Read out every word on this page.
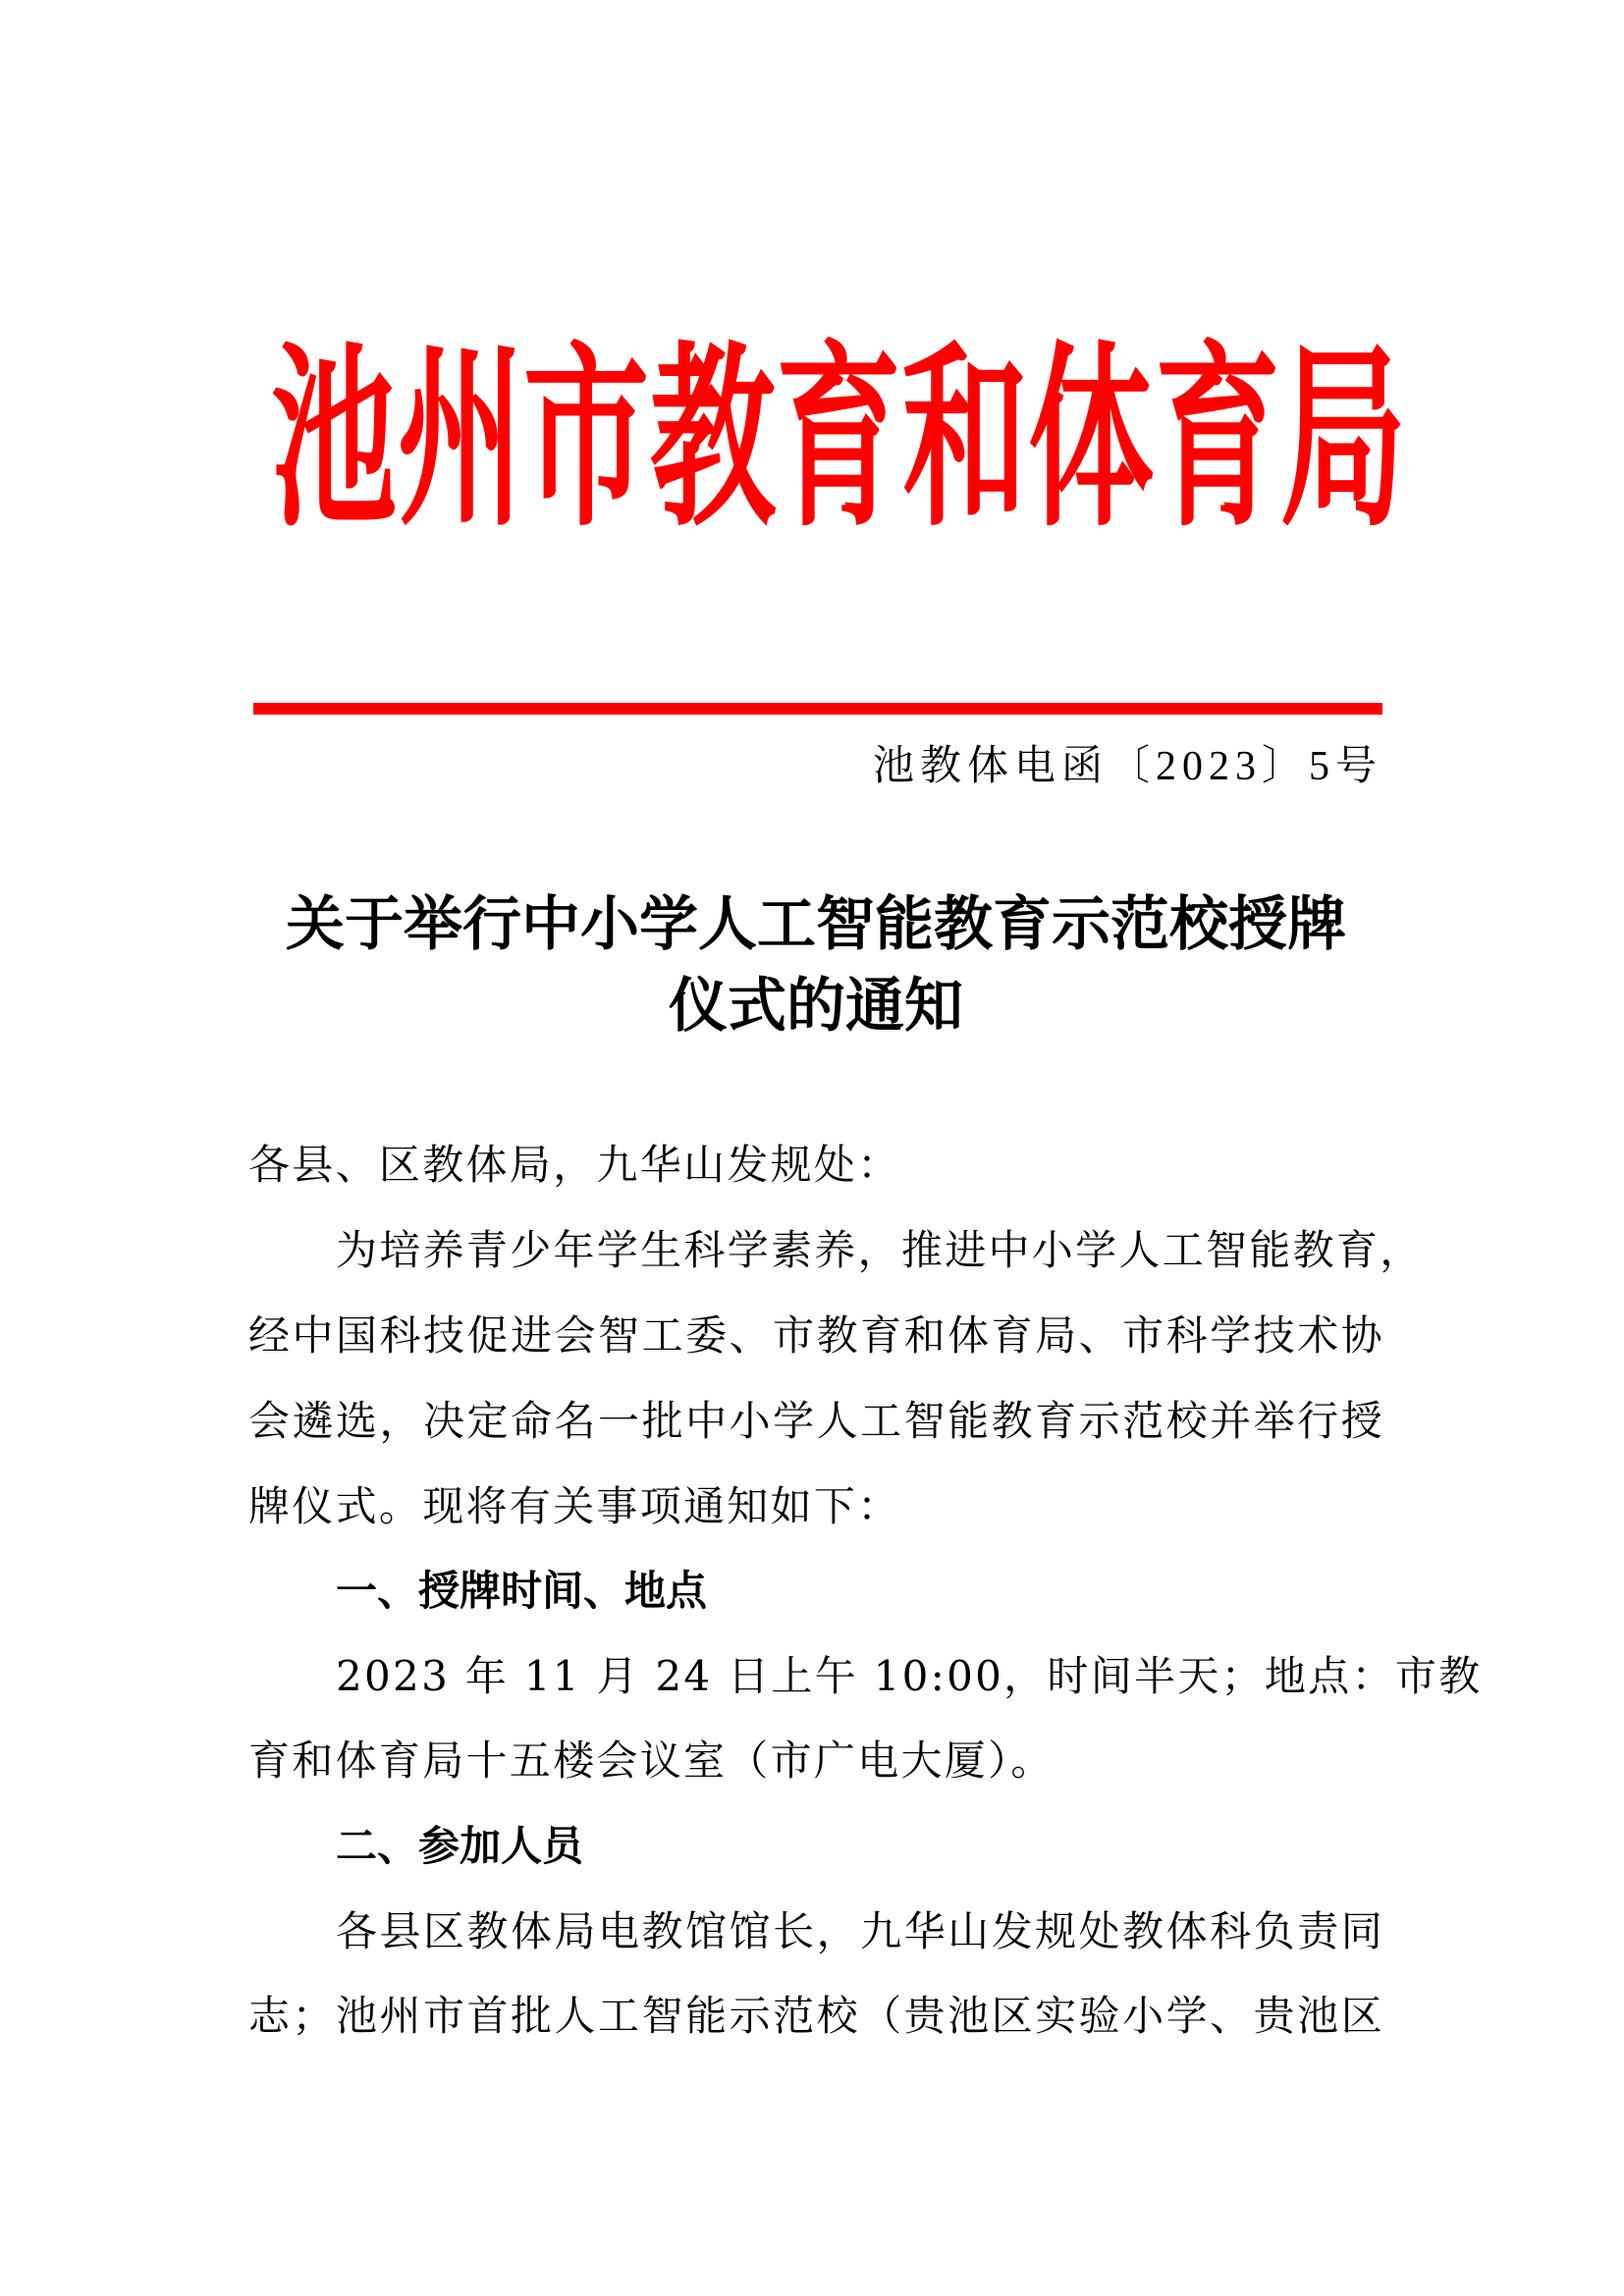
池 州 市 教 育 和 体 育 局
池教体电函〔2023〕5号
关于举行中小学人工智能教育示范校授牌
仪式的通知
各县、区教体局，九华山发规处：
为培养青少年学生科学素养，推进中小学人工智能教育，
经中国科技促进会智工委、市教育和体育局、市科学技术协
会遴选，决定命名一批中小学人工智能教育示范校并举行授
牌仪式。现将有关事项通知如下：
一、授牌时间、地点
2023 年 11 月 24 日上午 10:00，时间半天；地点：市教
育和体育局十五楼会议室（市广电大厦）。
二、参加人员
各县区教体局电教馆馆长，九华山发规处教体科负责同
志；池州市首批人工智能示范校（贵池区实验小学、贵池区
